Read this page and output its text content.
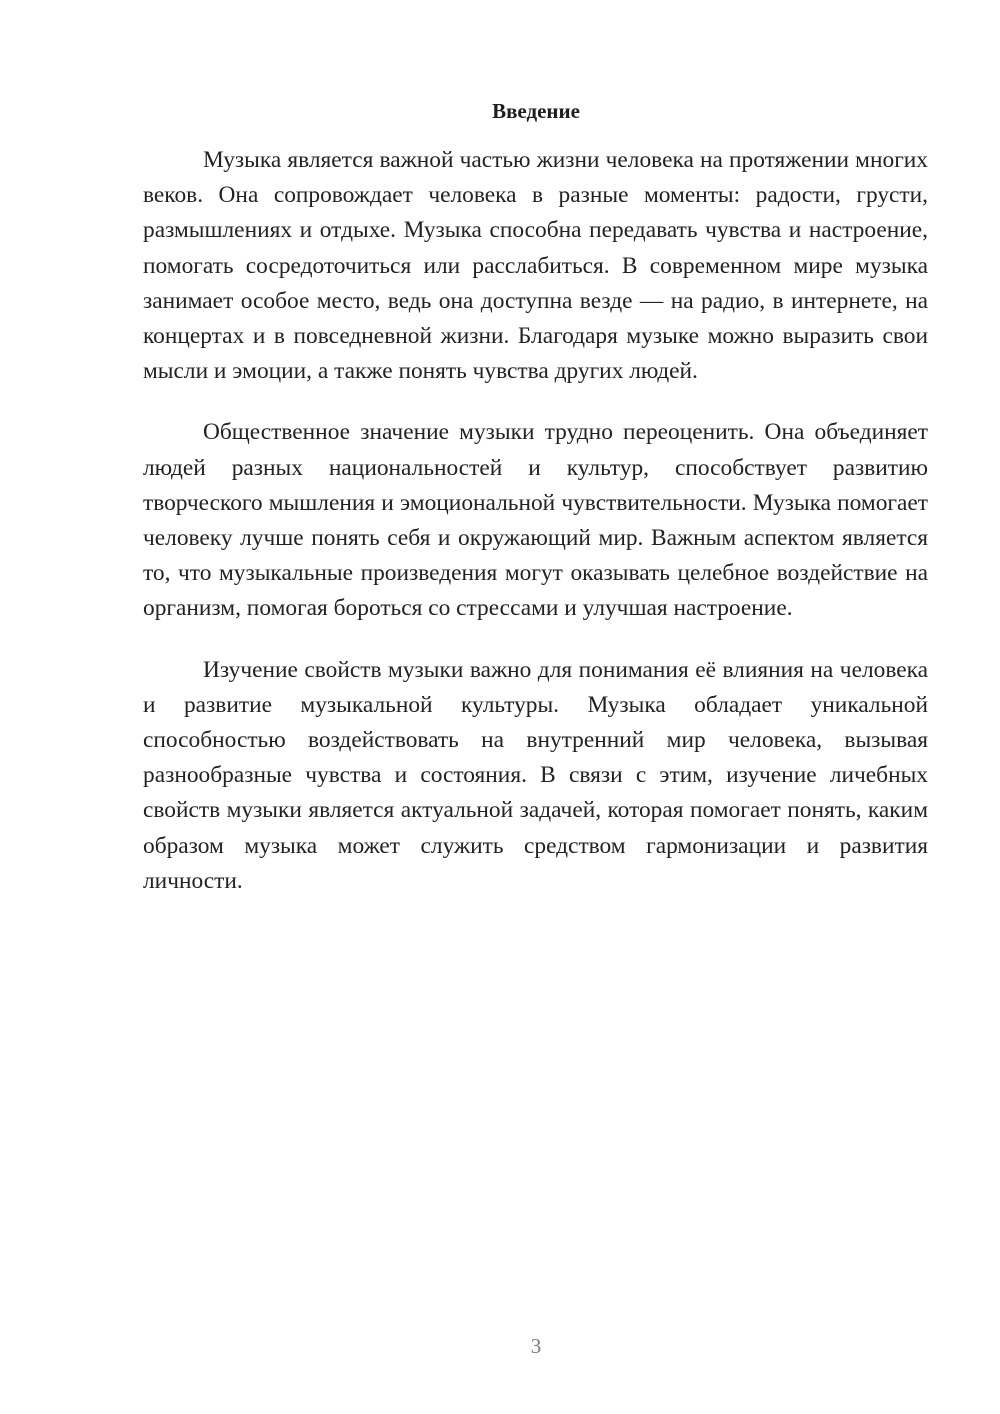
Введение

Музыка является важной частью жизни человека на протяжении многих веков. Она сопровождает человека в разные моменты: радости, грусти, размышлениях и отдыхе. Музыка способна передавать чувства и настроение, помогать сосредоточиться или расслабиться. В современном мире музыка занимает особое место, ведь она доступна везде — на радио, в интернете, на концертах и в повседневной жизни. Благодаря музыке можно выразить свои мысли и эмоции, а также понять чувства других людей.

Общественное значение музыки трудно переоценить. Она объединяет людей разных национальностей и культур, способствует развитию творческого мышления и эмоциональной чувствительности. Музыка помогает человеку лучше понять себя и окружающий мир. Важным аспектом является то, что музыкальные произведения могут оказывать целебное воздействие на организм, помогая бороться со стрессами и улучшая настроение.

Изучение свойств музыки важно для понимания её влияния на человека и развитие музыкальной культуры. Музыка обладает уникальной способностью воздействовать на внутренний мир человека, вызывая разнообразные чувства и состояния. В связи с этим, изучение личебных свойств музыки является актуальной задачей, которая помогает понять, каким образом музыка может служить средством гармонизации и развития личности.

3
